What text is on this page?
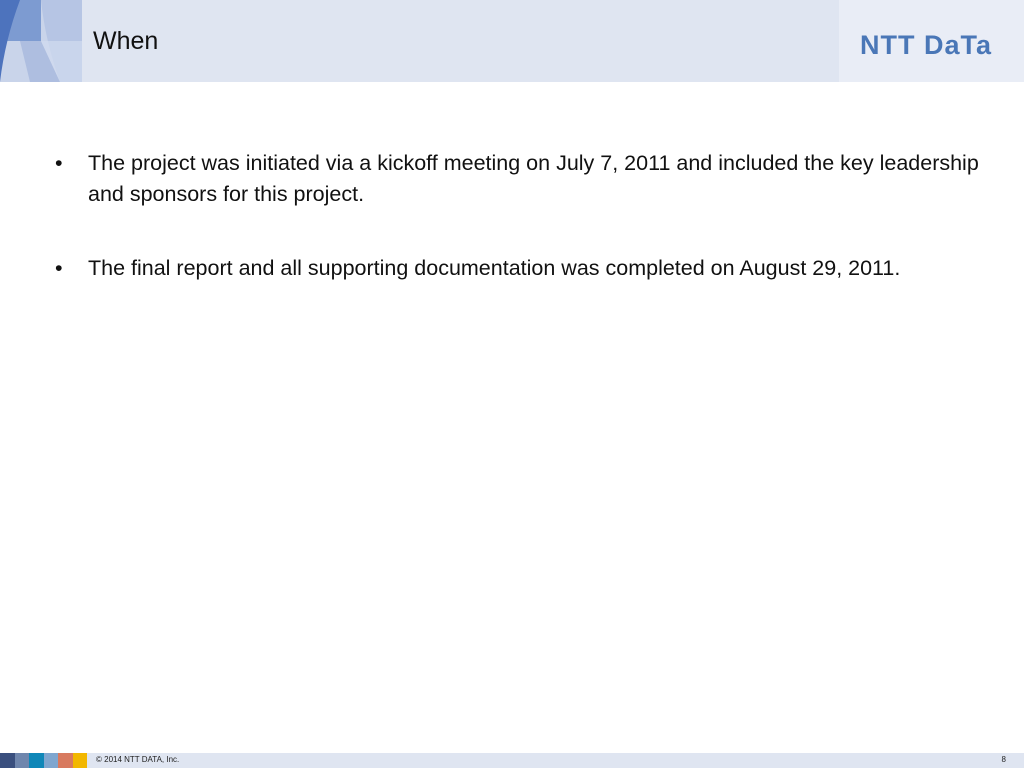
When	NTT DaTa
• The project was initiated via a kickoff meeting on July 7, 2011 and included the key leadership and sponsors for this project.
• The final report and all supporting documentation was completed on August 29, 2011.
© 2014 NTT DATA, Inc.	8
